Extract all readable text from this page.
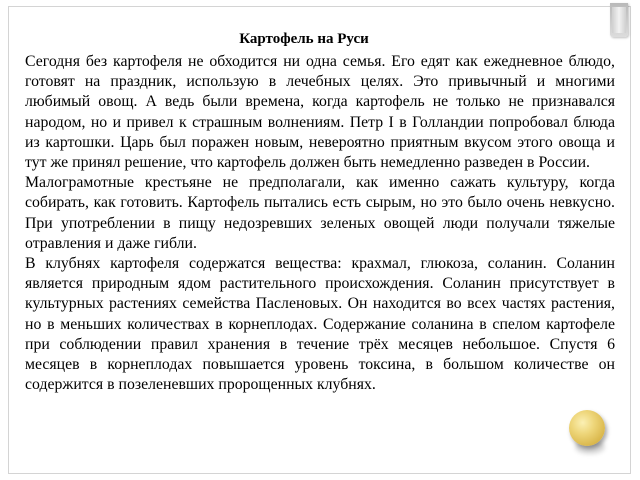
Картофель на Руси

Сегодня без картофеля не обходится ни одна семья. Его едят как ежедневное блюдо, готовят на праздник, использую в лечебных целях. Это привычный и многими любимый овощ. А ведь были времена, когда картофель не только не признавался народом, но и привел к страшным волнениям. Петр I в Голландии попробовал блюда из картошки. Царь был поражен новым, невероятно приятным вкусом этого овоща и тут же принял решение, что картофель должен быть немедленно разведен в России.

Малограмотные крестьяне не предполагали, как именно сажать культуру, когда собирать, как готовить. Картофель пытались есть сырым, но это было очень невкусно. При употреблении в пищу недозревших зеленых овощей люди получали тяжелые отравления и даже гибли.

В клубнях картофеля содержатся вещества: крахмал, глюкоза, соланин. Соланин является природным ядом растительного происхождения. Соланин присутствует в культурных растениях семейства Пасленовых. Он находится во всех частях растения, но в меньших количествах в корнеплодах. Содержание соланина в спелом картофеле при соблюдении правил хранения в течение трёх месяцев небольшое. Спустя 6 месяцев в корнеплодах повышается уровень токсина, в большом количестве он содержится в позеленевших пророщенных клубнях.
